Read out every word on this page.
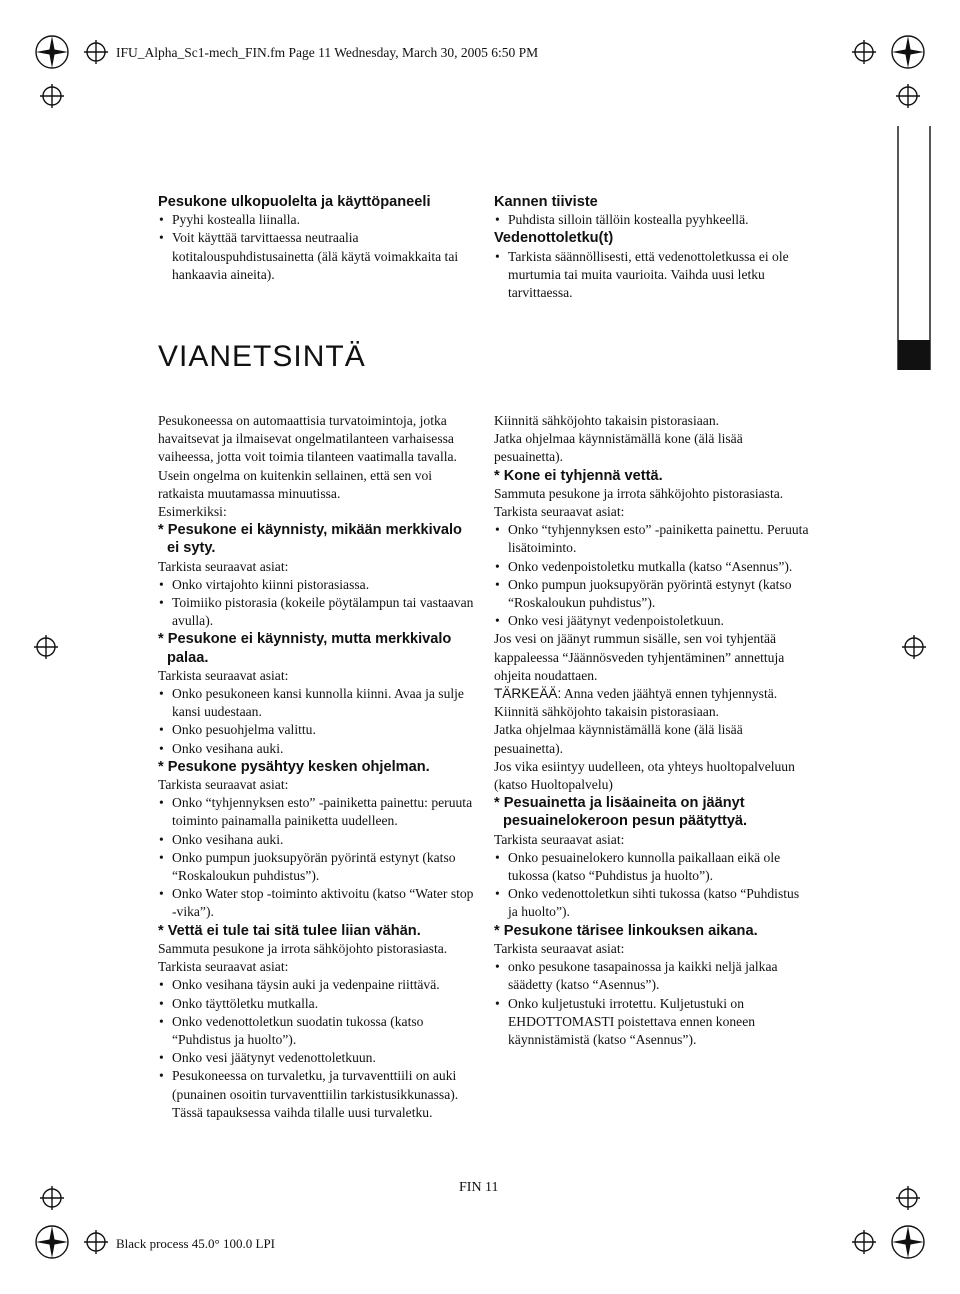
IFU_Alpha_Sc1-mech_FIN.fm Page 11 Wednesday, March 30, 2005 6:50 PM

Pesukone ulkopuolelta ja käyttöpaneeli

• Pyyhi kostealla liinalla.

• Voit käyttää tarvittaessa neutraalia kotitalouspuhdistusainetta (älä käytä voimakkaita tai hankaavia aineita).

Kannen tiiviste

• Puhdista silloin tällöin kostealla pyyhkeellä.

Vedenottoletku(t)

• Tarkista säännöllisesti, että vedenottoletkussa ei ole murtumia tai muita vaurioita. Vaihda uusi letku tarvittaessa.

VIANETSINTÄ

Pesukoneessa on automaattisia turvatoimintoja, jotka havaitsevat ja ilmaisevat ongelmatilanteen varhaisessa vaiheessa, jotta voit toimia tilanteen vaatimalla tavalla.

Usein ongelma on kuitenkin sellainen, että sen voi ratkaista muutamassa minuutissa.

Esimerkiksi:

* Pesukone ei käynnisty, mikään merkkivalo ei syty.

Tarkista seuraavat asiat:

• Onko virtajohto kiinni pistorasiassa.

• Toimiiko pistorasia (kokeile pöytälampun tai vastaavan avulla).

* Pesukone ei käynnisty, mutta merkkivalo palaa.

Tarkista seuraavat asiat:

• Onko pesukoneen kansi kunnolla kiinni. Avaa ja sulje kansi uudestaan.

• Onko pesuohjelma valittu.

• Onko vesihana auki.

* Pesukone pysähtyy kesken ohjelman.

Tarkista seuraavat asiat:

• Onko “tyhjennyksen esto” -painiketta painettu: peruuta toiminto painamalla painiketta uudelleen.

• Onko vesihana auki.

• Onko pumpun juoksupyörän pyörintä estynyt (katso “Roskaloukun puhdistus”).

• Onko Water stop -toiminto aktivoitu (katso “Water stop -vika”).

* Vettä ei tule tai sitä tulee liian vähän.

Sammuta pesukone ja irrota sähköjohto pistorasiasta.

Tarkista seuraavat asiat:

• Onko vesihana täysin auki ja vedenpaine riittävä.

• Onko täyttöletku mutkalla.

• Onko vedenottoletkun suodatin tukossa (katso “Puhdistus ja huolto”).

• Onko vesi jäätynyt vedenottoletkuun.

• Pesukoneessa on turvaletku, ja turvaventtiili on auki (punainen osoitin turvaventtiilin tarkistusikkunassa). Tässä tapauksessa vaihda tilalle uusi turvaletku.

Kiinnitä sähköjohto takaisin pistorasiaan.

Jatka ohjelmaa käynnistämällä kone (älä lisää pesuainetta).

* Kone ei tyhjennä vettä.

Sammuta pesukone ja irrota sähköjohto pistorasiasta.

Tarkista seuraavat asiat:

• Onko “tyhjennyksen esto” -painiketta painettu. Peruuta lisätoiminto.

• Onko vedenpoistoletku mutkalla (katso “Asennus”).

• Onko pumpun juoksupyörän pyörintä estynyt (katso “Roskaloukun puhdistus”).

• Onko vesi jäätynyt vedenpoistoletkuun.

Jos vesi on jäänyt rummun sisälle, sen voi tyhjentää kappaleessa “Jäännösveden tyhjentäminen” annettuja ohjeita noudattaen.

TÄRKEÄÄ: Anna veden jäähtyä ennen tyhjennystä.

Kiinnitä sähköjohto takaisin pistorasiaan.

Jatka ohjelmaa käynnistämällä kone (älä lisää pesuainetta).

Jos vika esiintyy uudelleen, ota yhteys huoltopalveluun (katso Huoltopalvelu)

* Pesuainetta ja lisäaineita on jäänyt pesuainelokeroon pesun päätyttyä.

Tarkista seuraavat asiat:

• Onko pesuainelokero kunnolla paikallaan eikä ole tukossa (katso “Puhdistus ja huolto”).

• Onko vedenottoletkun sihti tukossa (katso “Puhdistus ja huolto”).

* Pesukone tärisee linkouksen aikana.

Tarkista seuraavat asiat:

• onko pesukone tasapainossa ja kaikki neljä jalkaa säädetty (katso “Asennus”).

• Onko kuljetustuki irrotettu. Kuljetustuki on EHDOTTOMASTI poistettava ennen koneen käynnistämistä (katso “Asennus”).

FIN 11
Black process 45.0° 100.0 LPI
